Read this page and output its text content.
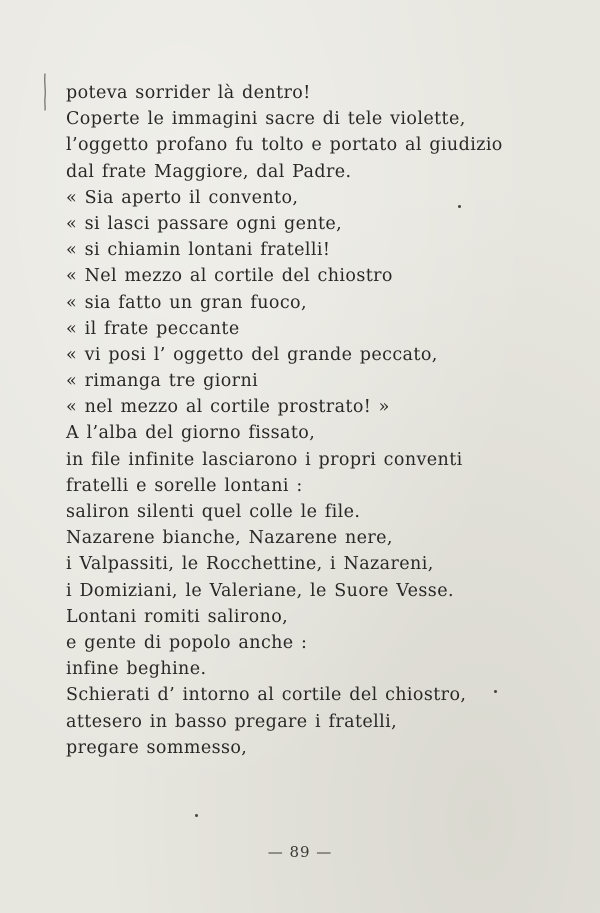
poteva sorrider là dentro!
Coperte le immagini sacre di tele violette,
l’oggetto profano fu tolto e portato al giudizio
dal frate Maggiore, dal Padre.
« Sia aperto il convento,
« si lasci passare ogni gente,
« si chiamin lontani fratelli!
« Nel mezzo al cortile del chiostro
« sia fatto un gran fuoco,
« il frate peccante
« vi posi l’ oggetto del grande peccato,
« rimanga tre giorni
« nel mezzo al cortile prostrato! »
A l’alba del giorno fissato,
in file infinite lasciarono i propri conventi
fratelli e sorelle lontani :
saliron silenti quel colle le file.
Nazarene bianche, Nazarene nere,
i Valpassiti, le Rocchettine, i Nazareni,
i Domiziani, le Valeriane, le Suore Vesse.
Lontani romiti salirono,
e gente di popolo anche :
infine beghine.
Schierati d’ intorno al cortile del chiostro,
attesero in basso pregare i fratelli,
pregare sommesso,
— 89 —
